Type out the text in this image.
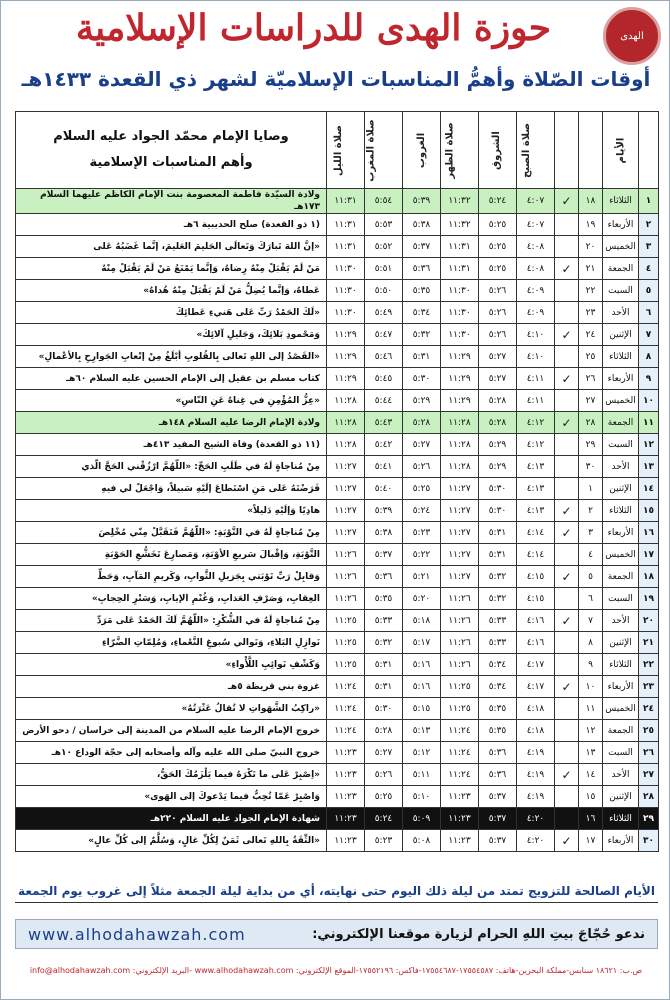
الهدى
حوزة الهدى للدراسات الإسلامية
أوقات الصّلاة وأهمُّ المناسبات الإسلاميّة لشهر ذي القعدة ١٤٣٣هـ
	الأيام			صلاة الصبح	الشروق	صلاة الظهر	الغروب	صلاة المغرب	صلاة الليل	وصايا الإمام محمّد الجواد عليه السلام
وأهم المناسبات الإسلامية

١	الثلاثاء	١٨	✓	٤:٠٧	٥:٢٤	١١:٣٢	٥:٣٩	٥:٥٤	١١:٣١	ولادة السيّدة فاطمة المعصومة بنت الإمام الكاظم عليهما السلام ١٧٣هـ
٢	الأربعاء	١٩		٤:٠٧	٥:٢٥	١١:٣٢	٥:٣٨	٥:٥٣	١١:٣١	(١ ذو القعدة) صلح الحديبية ٦هـ
٣	الخميس	٢٠		٤:٠٨	٥:٢٥	١١:٣١	٥:٣٧	٥:٥٢	١١:٣١	«إنَّ اللهَ تَبارَكَ وَتَعالَى الحَليمَ العَليمَ، إنَّما غَضَبُهُ عَلى
٤	الجمعة	٢١	✓	٤:٠٨	٥:٢٥	١١:٣١	٥:٣٦	٥:٥١	١١:٣٠	مَنْ لَمْ يَقْبَلْ مِنْهُ رِضاهُ، وَإنَّما يَمْنَعُ مَنْ لَمْ يَقْبَلْ مِنْهُ
٥	السبت	٢٢		٤:٠٩	٥:٢٦	١١:٣٠	٥:٣٥	٥:٥٠	١١:٣٠	عَطاهُ، وَإنَّما يُضِلُّ مَنْ لَمْ يَقْبَلْ مِنْهُ هُداهُ»
٦	الأحد	٢٣		٤:٠٩	٥:٢٦	١١:٣٠	٥:٣٤	٥:٤٩	١١:٣٠	«لَكَ الحَمْدُ رَبِّ عَلى هَنيءِ عَطائِكَ
٧	الإثنين	٢٤	✓	٤:١٠	٥:٢٦	١١:٣٠	٥:٣٢	٥:٤٧	١١:٢٩	وَمَحْمودِ بَلائِكَ، وَجَليلِ آلائِكَ»
٨	الثلاثاء	٢٥		٤:١٠	٥:٢٧	١١:٢٩	٥:٣١	٥:٤٦	١١:٢٩	«القَصْدُ إلى اللهِ تَعالى بِالقُلوبِ أبْلَغُ مِنْ إتْعابِ الجَوارِحِ بِالأعْمالِ»
٩	الأربعاء	٢٦	✓	٤:١١	٥:٢٧	١١:٢٩	٥:٣٠	٥:٤٥	١١:٢٩	كتاب مسلم بن عقيل إلى الإمام الحسين عليه السلام ٦٠هـ
١٠	الخميس	٢٧		٤:١١	٥:٢٨	١١:٢٩	٥:٢٩	٥:٤٤	١١:٢٨	«عِزُّ المُؤْمِنِ في غِناهُ عَنِ النّاسِ»
١١	الجمعة	٢٨	✓	٤:١٢	٥:٢٨	١١:٢٨	٥:٢٨	٥:٤٣	١١:٢٨	ولادة الإمام الرضا عليه السلام ١٤٨هـ
١٢	السبت	٢٩		٤:١٢	٥:٢٩	١١:٢٨	٥:٢٧	٥:٤٢	١١:٢٨	(١١ ذو القعدة) وفاة الشيخ المفيد ٤١٣هـ
١٣	الأحد	٣٠		٤:١٣	٥:٢٩	١١:٢٨	٥:٢٦	٥:٤١	١١:٢٧	مِنْ مُناجاةٍ لَهُ في طَلَبِ الحَجِّ: «اللّهُمَّ ارْزُقْني الحَجَّ الّذي
١٤	الإثنين	١		٤:١٣	٥:٣٠	١١:٢٧	٥:٢٥	٥:٤٠	١١:٢٧	فَرَضْتَهُ عَلى مَنِ اسْتَطاعَ إلَيْهِ سَبيلاً، وَاجْعَلْ لي فيهِ
١٥	الثلاثاء	٢	✓	٤:١٣	٥:٣٠	١١:٢٧	٥:٢٤	٥:٣٩	١١:٢٧	هادِيًا وَإلَيْهِ دَليلاً»
١٦	الأربعاء	٣	✓	٤:١٤	٥:٣١	١١:٢٧	٥:٢٣	٥:٣٨	١١:٢٧	مِنْ مُناجاةٍ لَهُ في التَّوْبَةِ: «اللّهُمَّ فَتَقَبَّلْ مِنّي مُخْلِصَ
١٧	الخميس	٤		٤:١٤	٥:٣١	١١:٢٧	٥:٢٢	٥:٣٧	١١:٢٦	التَّوْبَةِ، وَإقْبالَ سَريعِ الأوْبَةِ، وَمَصارِعَ تَخَشُّعِ الحَوْبَةِ
١٨	الجمعة	٥	✓	٤:١٥	٥:٣٢	١١:٢٧	٥:٢١	٥:٣٦	١١:٢٦	وَقابِلْ رَبِّ تَوْبَتي بِجَزيلِ الثَّوابِ، وَكَريمِ المَآبِ، وَحَطِّ
١٩	السبت	٦		٤:١٥	٥:٣٢	١١:٢٦	٥:٢٠	٥:٣٥	١١:٢٦	العِقابِ، وَصَرْفِ العَذابِ، وَغُنْمِ الإيابِ، وَسَتْرِ الحِجابِ»
٢٠	الأحد	٧	✓	٤:١٦	٥:٣٣	١١:٢٦	٥:١٨	٥:٣٣	١١:٢٥	مِنْ مُناجاةٍ لَهُ في الشُّكْرِ: «اللّهُمَّ لَكَ الحَمْدُ عَلى مَرَدِّ
٢١	الإثنين	٨		٤:١٦	٥:٣٣	١١:٢٦	٥:١٧	٥:٣٢	١١:٢٥	نَوازِلِ البَلاءِ، وَتَوالي سُبوغِ النَّعْماءِ، وَمُلِمّاتِ الضَّرّاءِ
٢٢	الثلاثاء	٩		٤:١٧	٥:٣٤	١١:٢٦	٥:١٦	٥:٣١	١١:٢٥	وَكَشْفِ نَوائِبِ اللَّأْواءِ»
٢٣	الأربعاء	١٠	✓	٤:١٧	٥:٣٤	١١:٢٥	٥:١٦	٥:٣١	١١:٢٤	غزوة بني قريظة ٥هـ
٢٤	الخميس	١١		٤:١٨	٥:٣٥	١١:٢٥	٥:١٥	٥:٣٠	١١:٢٤	«راكِبُ الشَّهَواتِ لا تُقالُ عَثْرَتُهُ»
٢٥	الجمعة	١٢		٤:١٨	٥:٣٥	١١:٢٤	٥:١٣	٥:٢٨	١١:٢٤	خروج الإمام الرضا عليه السلام من المدينة إلى خراسان / دحو الأرض
٢٦	السبت	١٣		٤:١٩	٥:٣٦	١١:٢٤	٥:١٢	٥:٢٧	١١:٢٣	خروج النبيّ صلى الله عليه وآله وأصحابه إلى حجّة الوداع ١٠هـ
٢٧	الأحد	١٤	✓	٤:١٩	٥:٣٦	١١:٢٤	٥:١١	٥:٢٦	١١:٢٣	«اِصْبِرْ عَلى ما تَكْرَهُ فيما يَلْزَمُكَ الحَقُّ،
٢٨	الإثنين	١٥		٤:١٩	٥:٣٧	١١:٢٣	٥:١٠	٥:٢٥	١١:٢٣	وَاصْبِرْ عَمّا تُحِبُّ فيما يَدْعوكَ إلى الهَوى»
٢٩	الثلاثاء	١٦		٤:٢٠	٥:٣٧	١١:٢٣	٥:٠٩	٥:٢٤	١١:٢٣	شهادة الإمام الجواد عليه السلام ٢٢٠هـ
٣٠	الأربعاء	١٧	✓	٤:٢٠	٥:٣٧	١١:٢٣	٥:٠٨	٥:٢٣	١١:٢٣	«الثِّقَةُ بِاللهِ تَعالى ثَمَنٌ لِكُلِّ غالٍ، وَسُلَّمٌ إلى كُلِّ عالٍ»
الأيام الصالحة للتزويج تمتد من ليلة ذلك اليوم حتى نهايته، أي من بداية ليلة الجمعة مثلاً إلى غروب يوم الجمعة
ندعو حُجّاجَ بيتِ اللهِ الحرام لزيارة موقعنا الإلكتروني:
www.alhodahawzah.com
ص.ب: ١٨٦٢١ سنابس-مملكة البحرين-هاتف: ١٧٥٥٤٥٨٧-١٧٥٥٤٦٨٧-فاكس: ١٧٥٥٢١٩٦-الموقع الإلكتروني: www.alhodahawzah.com -البريد الإلكتروني: info@alhodahawzah.com
